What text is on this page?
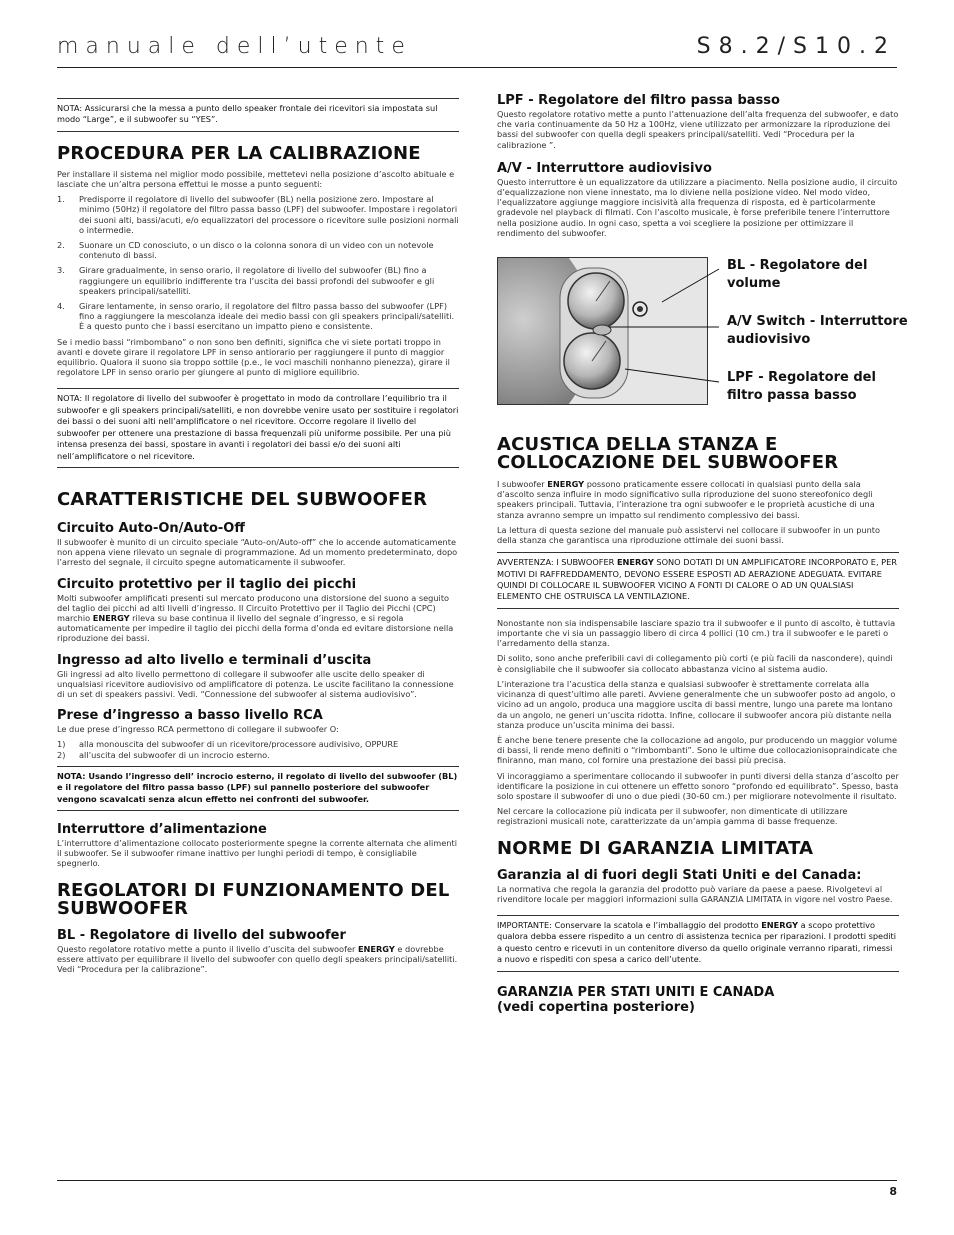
manuale dell’utente	S8.2/S10.2

NOTA: Assicurarsi che la messa a punto dello speaker frontale dei ricevitori sia impostata sul modo “Large”, e il subwoofer su “YES”.

PROCEDURA PER LA CALIBRAZIONE

Per installare il sistema nel miglior modo possibile, mettetevi nella posizione d’ascolto abituale e lasciate che un’altra persona effettui le mosse a punto seguenti:

1. Predisporre il regolatore di livello del subwoofer (BL) nella posizione zero. Impostare al minimo (50Hz) il regolatore del filtro passa basso (LPF) del subwoofer. Impostare i regolatori dei suoni alti, bassi/acuti, e/o equalizzatori del processore o ricevitore sulle posizioni normali o intermedie.
2. Suonare un CD conosciuto, o un disco o la colonna sonora di un video con un notevole contenuto di bassi.
3. Girare gradualmente, in senso orario, il regolatore di livello del subwoofer (BL) fino a raggiungere un equilibrio indifferente tra l’uscita dei bassi profondi del subwoofer e gli speakers principali/satelliti.
4. Girare lentamente, in senso orario, il regolatore del filtro passa basso del subwoofer (LPF) fino a raggiungere la mescolanza ideale dei medio bassi con gli speakers principali/satelliti. È a questo punto che i bassi esercitano un impatto pieno e consistente.

Se i medio bassi “rimbombano” o non sono ben definiti, significa che vi siete portati troppo in avanti e dovete girare il regolatore LPF in senso antiorario per raggiungere il punto di maggior equilibrio. Qualora il suono sia troppo sottile (p.e., le voci maschili nonhanno pienezza), girare il regolatore LPF in senso orario per giungere al punto di migliore equilibrio.

NOTA: Il regolatore di livello del subwoofer è progettato in modo da controllare l’equilibrio tra il subwoofer e gli speakers principali/satelliti, e non dovrebbe venire usato per sostituire i regolatori dei bassi o dei suoni alti nell’amplificatore o nel ricevitore. Occorre regolare il livello del subwoofer per ottenere una prestazione di bassa frequenzali più uniforme possibile. Per una più intensa presenza dei bassi, spostare in avanti i regolatori dei bassi e/o dei suoni alti nell’amplificatore o nel ricevitore.

CARATTERISTICHE DEL SUBWOOFER
Circuito Auto-On/Auto-Off

Il subwoofer è munito di un circuito speciale “Auto-on/Auto-off” che lo accende automaticamente non appena viene rilevato un segnale di programmazione. Ad un momento predeterminato, dopo l’arresto del segnale, il circuito spegne automaticamente il subwoofer.

Circuito protettivo per il taglio dei picchi

Molti subwoofer amplificati presenti sul mercato producono una distorsione del suono a seguito del taglio dei picchi ad alti livelli d’ingresso. Il Circuito Protettivo per il Taglio dei Picchi (CPC) marchio ENERGY rileva su base continua il livello del segnale d’ingresso, e si regola automaticamente per impedire il taglio dei picchi della forma d’onda ed evitare distorsione nella riproduzione dei bassi.

Ingresso ad alto livello e terminali d’uscita

Gli ingressi ad alto livello permettono di collegare il subwoofer alle uscite dello speaker di unqualsiasi ricevitore audiovisivo od amplificatore di potenza. Le uscite facilitano la connessione di un set di speakers passivi. Vedi. “Connessione del subwoofer al sistema audiovisivo”.

Prese d’ingresso a basso livello RCA

Le due prese d’ingresso RCA permettono di collegare il subwoofer O:

1) alla monouscita del subwoofer di un ricevitore/processore audivisivo, OPPURE
2) all’uscita del subwoofer di un incrocio esterno.

NOTA: Usando l’ingresso dell’ incrocio esterno, il regolato di livello del subwoofer (BL) e il regolatore del filtro passa basso (LPF) sul pannello posteriore del subwoofer vengono scavalcati senza alcun effetto nei confronti del subwoofer.

Interruttore d’alimentazione

L’interruttore d’alimentazione collocato posteriormente spegne la corrente alternata che alimenti il subwoofer. Se il subwoofer rimane inattivo per lunghi periodi di tempo, è consigliabile spegnerlo.

REGOLATORI DI FUNZIONAMENTO DEL SUBWOOFER
BL - Regolatore di livello del subwoofer

Questo regolatore rotativo mette a punto il livello d’uscita del subwoofer ENERGY e dovrebbe essere attivato per equilibrare il livello del subwoofer con quello degli speakers principali/satelliti. Vedi “Procedura per la calibrazione”.

LPF - Regolatore del filtro passa basso

Questo regolatore rotativo mette a punto l’attenuazione dell’alta frequenza del subwoofer, e dato che varia continuamente da 50 Hz a 100Hz, viene utilizzato per armonizzare la riproduzione dei bassi del subwoofer con quella degli speakers principali/satelliti. Vedi “Procedura per la calibrazione ”.

A/V - Interruttore audiovisivo

Questo interruttore è un equalizzatore da utilizzare a piacimento. Nella posizione audio, il circuito d’equalizzazione non viene innestato, ma lo diviene nella posizione video. Nel modo video, l’equalizzatore aggiunge maggiore incisività alla frequenza di risposta, ed è particolarmente gradevole nel playback di filmati. Con l’ascolto musicale, è forse preferibile tenere l’interruttore nella posizione audio. In ogni caso, spetta a voi scegliere la posizione per ottimizzare il rendimento del subwoofer.

BL - Regolatore del volume
A/V Switch - Interruttore audiovisivo
LPF - Regolatore del filtro passa basso
ACUSTICA DELLA STANZA E COLLOCAZIONE DEL SUBWOOFER

I subwoofer ENERGY possono praticamente essere collocati in qualsiasi punto della sala d’ascolto senza influire in modo significativo sulla riproduzione del suono stereofonico degli speakers principali. Tuttavia, l’interazione tra ogni subwoofer e le proprietà acustiche di una stanza avranno sempre un impatto sul rendimento complessivo dei bassi.

La lettura di questa sezione del manuale può assistervi nel collocare il subwoofer in un punto della stanza che garantisca una riproduzione ottimale dei suoni bassi.

AVVERTENZA: I SUBWOOFER ENERGY SONO DOTATI DI UN AMPLIFICATORE INCORPORATO E, PER MOTIVI DI RAFFREDDAMENTO, DEVONO ESSERE ESPOSTI AD AERAZIONE ADEGUATA. EVITARE QUINDI DI COLLOCARE IL SUBWOOFER VICINO A FONTI DI CALORE O AD UN QUALSIASI ELEMENTO CHE OSTRUISCA LA VENTILAZIONE.

Nonostante non sia indispensabile lasciare spazio tra il subwoofer e il punto di ascolto, è tuttavia importante che vi sia un passaggio libero di circa 4 pollici (10 cm.) tra il subwoofer e le pareti o l’arredamento della stanza.

Di solito, sono anche preferibili cavi di collegamento più corti (e più facili da nascondere), quindi è consigliabile che il subwoofer sia collocato abbastanza vicino al sistema audio.

L’interazione tra l’acustica della stanza e qualsiasi subwoofer è strettamente correlata alla vicinanza di quest’ultimo alle pareti. Avviene generalmente che un subwoofer posto ad angolo, o vicino ad un angolo, produca una maggiore uscita di bassi mentre, lungo una parete ma lontano da un angolo, ne generi un’uscita ridotta. Infine, collocare il subwoofer ancora più distante nella stanza produce un’uscita minima dei bassi.

È anche bene tenere presente che la collocazione ad angolo, pur producendo un maggior volume di bassi, li rende meno definiti o “rimbombanti”. Sono le ultime due collocazionisopraindicate che finiranno, man mano, col fornire una prestazione dei bassi più precisa.

Vi incoraggiamo a sperimentare collocando il subwoofer in punti diversi della stanza d’ascolto per identificare la posizione in cui ottenere un effetto sonoro “profondo ed equilibrato”. Spesso, basta solo spostare il subwoofer di uno o due piedi (30-60 cm.) per migliorare notevolmente il risultato.

Nel cercare la collocazione più indicata per il subwoofer, non dimenticate di utilizzare registrazioni musicali note, caratterizzate da un’ampia gamma di basse frequenze.

NORME DI GARANZIA LIMITATA
Garanzia al di fuori degli Stati Uniti e del Canada:

La normativa che regola la garanzia del prodotto può variare da paese a paese. Rivolgetevi al rivenditore locale per maggiori informazioni sulla GARANZIA LIMITATA in vigore nel vostro Paese.

IMPORTANTE: Conservare la scatola e l’imballaggio del prodotto ENERGY a scopo protettivo qualora debba essere rispedito a un centro di assistenza tecnica per riparazioni. I prodotti spediti a questo centro e ricevuti in un contenitore diverso da quello originale verranno riparati, rimessi a nuovo e rispediti con spesa a carico dell’utente.

GARANZIA PER STATI UNITI E CANADA
(vedi copertina posteriore)
8
